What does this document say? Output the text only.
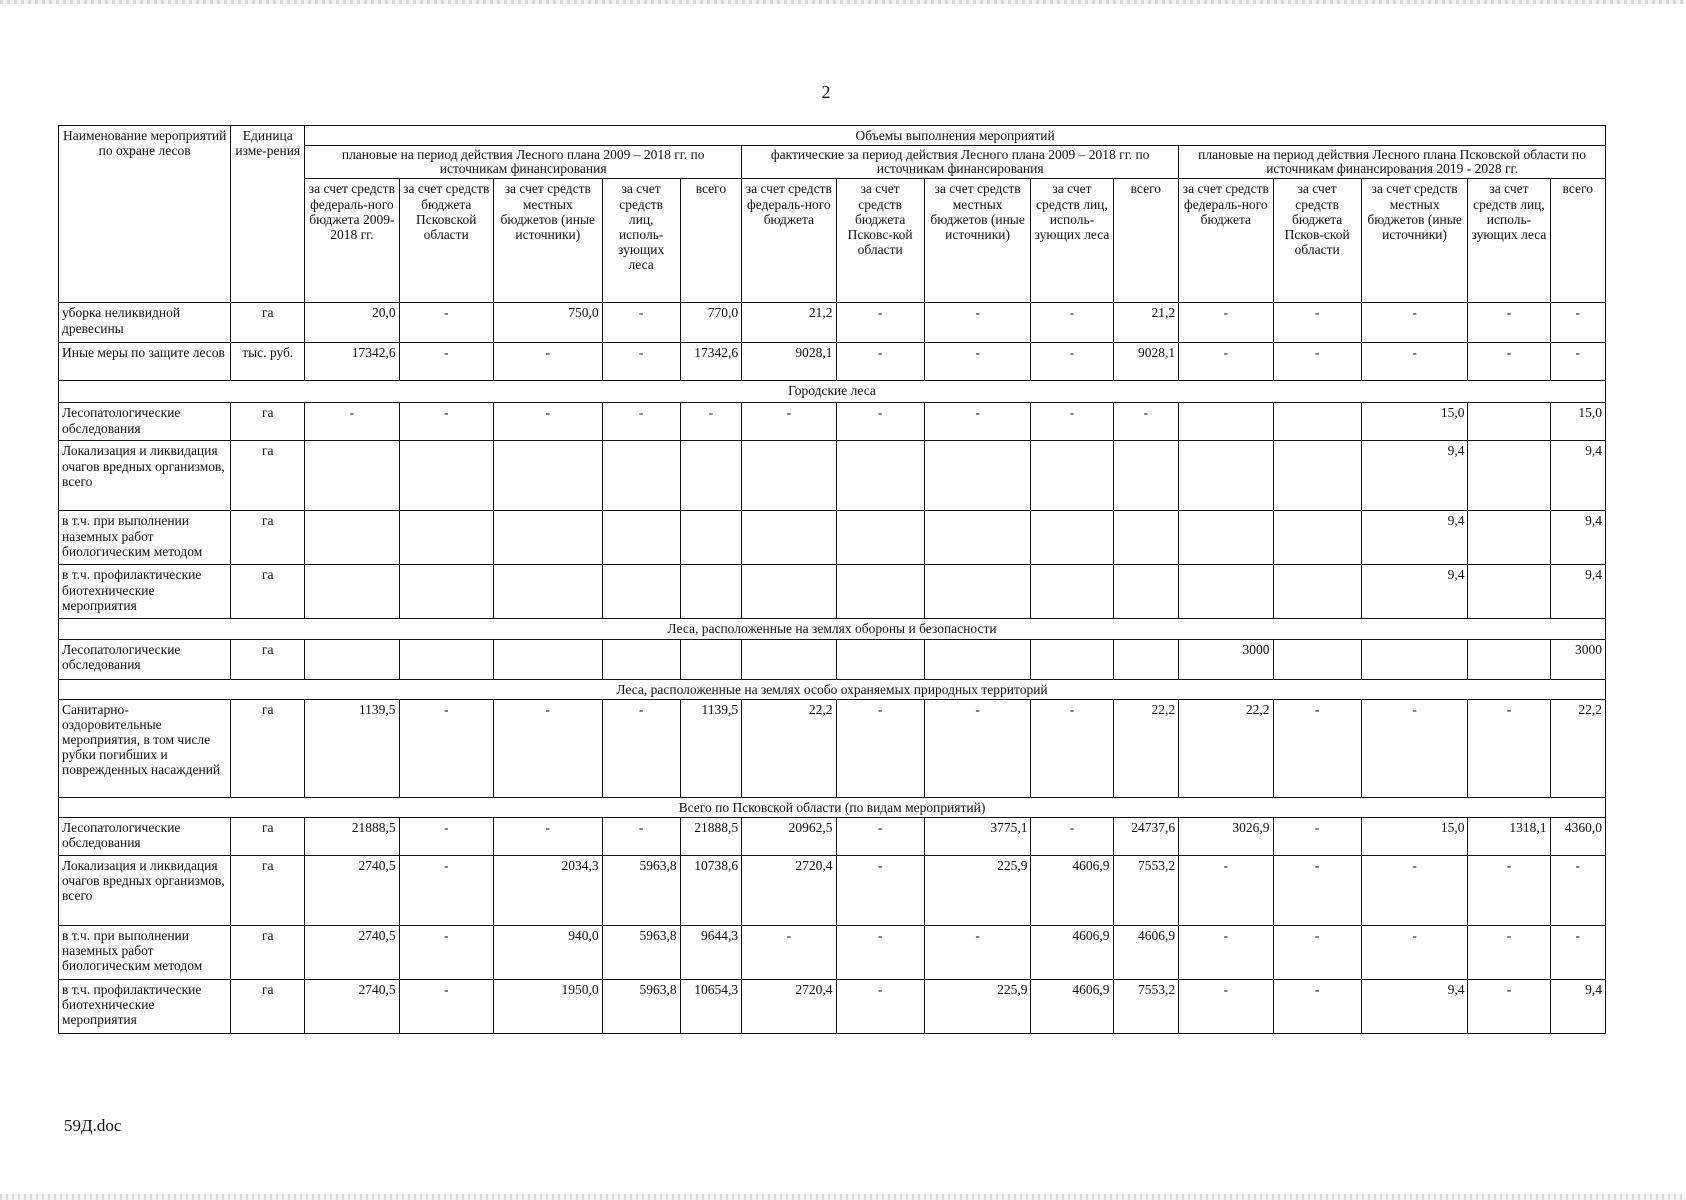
2
Наименование мероприятий по охране лесов	Единица изме-рения	Объемы выполнения мероприятий														
		плановые на период действия Лесного плана 2009 – 2018 гг. по источникам финансирования					фактические за период действия Лесного плана 2009 – 2018 гг. по источникам финансирования					плановые на период действия Лесного плана Псковской области по источникам финансирования 2019 - 2028 гг.				
		за счет средств федераль-ного бюджета 2009-2018 гг.	за счет средств бюджета Псковской области	за счет средств местных бюджетов (иные источники)	за счет средств лиц, исполь-зующих леса	всего	за счет средств федераль-ного бюджета	за счет средств бюджета Псковс-кой области	за счет средств местных бюджетов (иные источники)	за счет средств лиц, исполь-зующих леса	всего	за счет средств федераль-ного бюджета	за счет средств бюджета Псков-ской области	за счет средств местных бюджетов (иные источники)	за счет средств лиц, исполь-зующих леса	всего
уборка неликвидной древесины	га	20,0	-	750,0	-	770,0	21,2	-	-	-	21,2	-	-	-	-	-
Иные меры по защите лесов	тыс. руб.	17342,6	-	-	-	17342,6	9028,1	-	-	-	9028,1	-	-	-	-	-
Городские леса																
Лесопатологические обследования	га	-	-	-	-	-	-	-	-	-	-			15,0		15,0
Локализация и ликвидация очагов вредных организмов, всего	га													9,4		9,4
в т.ч. при выполнении наземных работ биологическим методом	га													9,4		9,4
в т.ч. профилактические биотехнические мероприятия	га													9,4		9,4
Леса, расположенные на землях обороны и безопасности																
Лесопатологические обследования	га											3000				3000
Леса, расположенные на землях особо охраняемых природных территорий																
Санитарно-оздоровительные мероприятия, в том числе рубки погибших и поврежденных насаждений	га	1139,5	-	-	-	1139,5	22,2	-	-	-	22,2	22,2	-	-	-	22,2
Всего по Псковской области (по видам мероприятий)																
Лесопатологические обследования	га	21888,5	-	-	-	21888,5	20962,5	-	3775,1	-	24737,6	3026,9	-	15,0	1318,1	4360,0
Локализация и ликвидация очагов вредных организмов, всего	га	2740,5	-	2034,3	5963,8	10738,6	2720,4	-	225,9	4606,9	7553,2	-	-	-	-	-
в т.ч. при выполнении наземных работ биологическим методом	га	2740,5	-	940,0	5963,8	9644,3	-	-	-	4606,9	4606,9	-	-	-	-	-
в т.ч. профилактические биотехнические мероприятия	га	2740,5	-	1950,0	5963,8	10654,3	2720,4	-	225,9	4606,9	7553,2	-	-	9,4	-	9,4
59Д.doc
